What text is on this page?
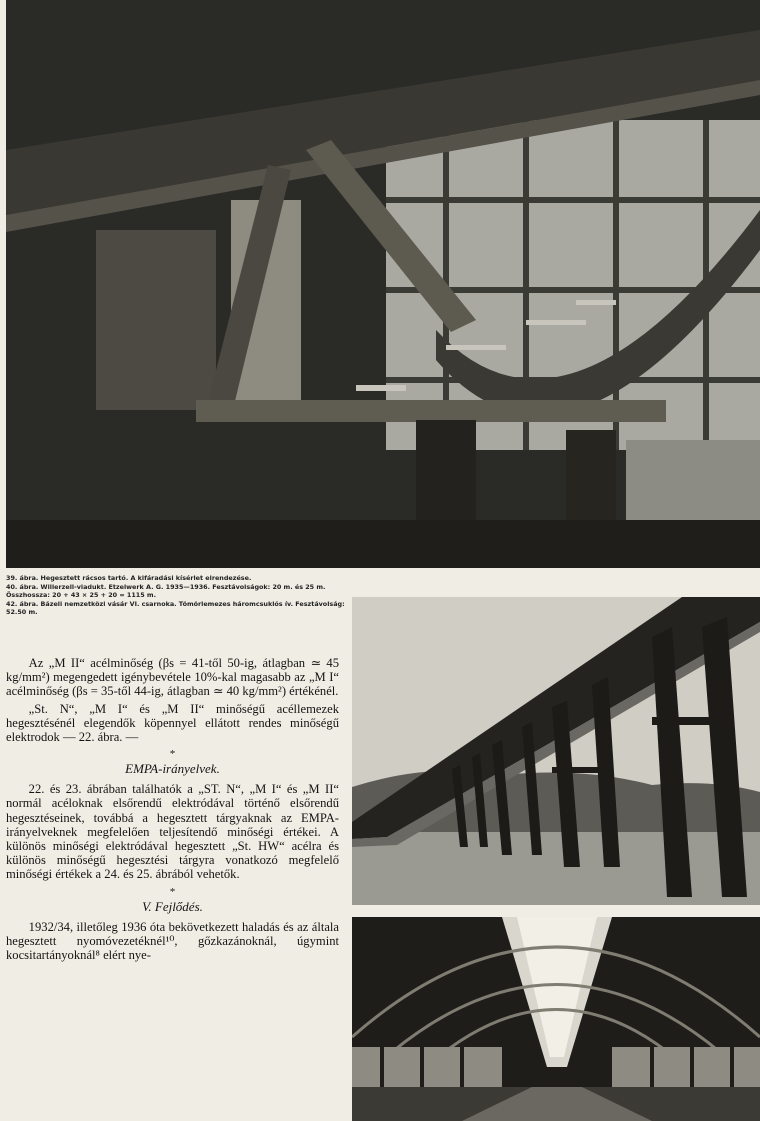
39. ábra. Hegesztett rácsos tartó. A kifáradási kísérlet elrendezése.

40. ábra. Willerzell-viadukt. Etzelwerk A. G. 1935—1936. Fesztávolságok: 20 m. és 25 m. Összhossza: 20 + 43 × 25 + 20 = 1115 m.

42. ábra. Bázeli nemzetközi vásár VI. csarnoka. Tömörlemezes háromcsuklós ív. Fesztávolság: 52.50 m.

Az „M II“ acélminőség (βs = 41-től 50-ig, átlagban ≃ 45 kg/mm²) megengedett igénybevétele 10%-kal magasabb az „M I“ acélminőség (βs = 35-től 44-ig, átlagban ≃ 40 kg/mm²) értékénél.

„St. N“, „M I“ és „M II“ minőségű acéllemezek hegesztésénél elegendők köpennyel ellátott rendes minőségű elektrodok — 22. ábra. —

*

EMPA-irányelvek.

22. és 23. ábrában találhatók a „ST. N“, „M I“ és „M II“ normál acéloknak elsőrendű elektródával történő elsőrendű hegesztéseinek, továbbá a hegesztett tárgyaknak az EMPA-irányelveknek megfelelően teljesítendő minőségi értékei. A különös minőségi elektródával hegesztett „St. HW“ acélra és különös minőségű hegesztési tárgyra vonatkozó megfelelő minőségi értékek a 24. és 25. ábrából vehetők.

*

V. Fejlődés.

1932/34, illetőleg 1936 óta bekövetkezett haladás és az általa hegesztett nyomóvezetéknél¹⁰, gőzkazánoknál, úgymint kocsitartányoknál⁸ elért nye-
